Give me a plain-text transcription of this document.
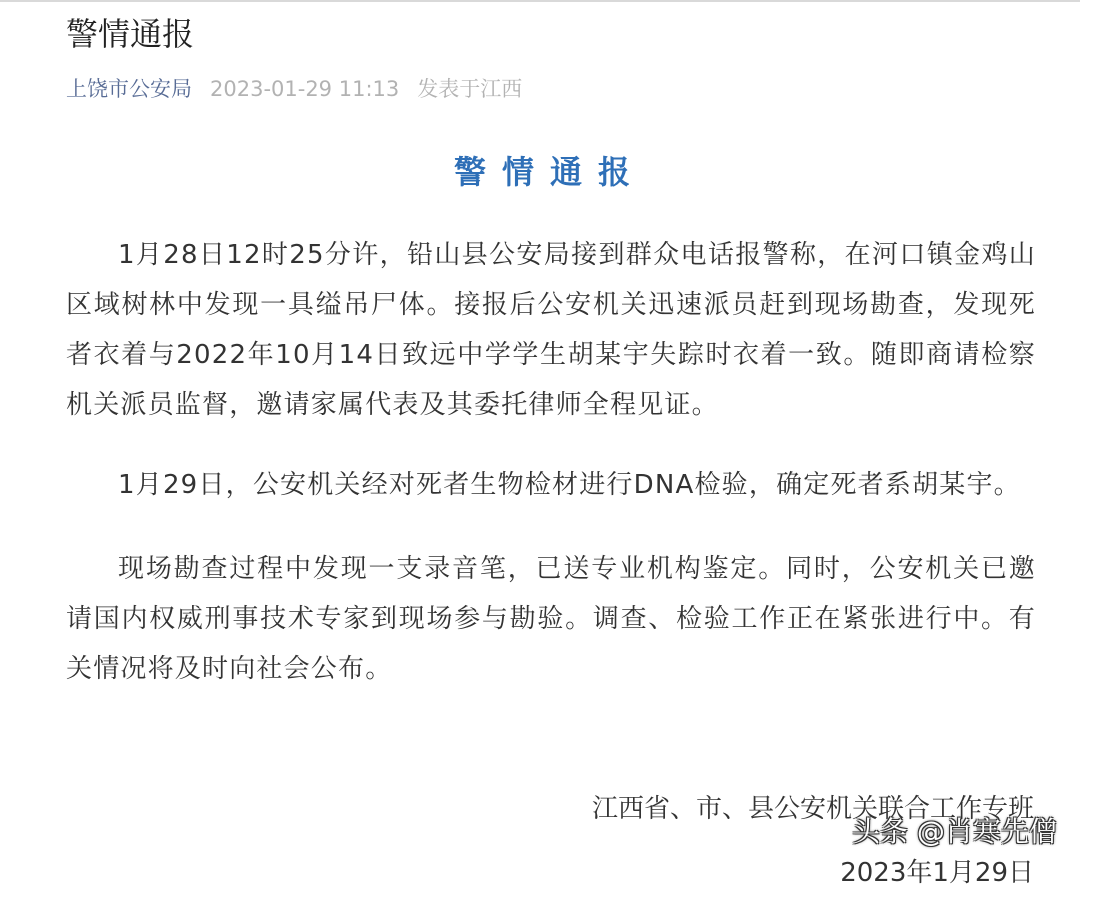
警情通报
上饶市公安局 2023-01-29 11:13 发表于江西
警情通报

1月28日12时25分许，铅山县公安局接到群众电话报警称，在河口镇金鸡山区域树林中发现一具缢吊尸体。接报后公安机关迅速派员赶到现场勘查，发现死者衣着与2022年10月14日致远中学学生胡某宇失踪时衣着一致。随即商请检察机关派员监督，邀请家属代表及其委托律师全程见证。

1月29日，公安机关经对死者生物检材进行DNA检验，确定死者系胡某宇。

现场勘查过程中发现一支录音笔，已送专业机构鉴定。同时，公安机关已邀请国内权威刑事技术专家到现场参与勘验。调查、检验工作正在紧张进行中。有关情况将及时向社会公布。

江西省、市、县公安机关联合工作专班
2023年1月29日
头条 @肖寒先僧
